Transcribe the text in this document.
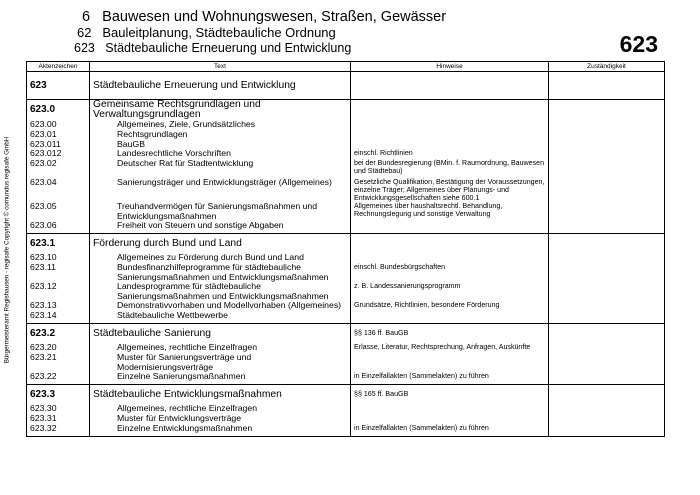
Bürgermeisteramt Regishausen - regisafe Copyright © comundus regisafe GmbH
6 Bauwesen und Wohnungswesen, Straßen, Gewässer
62 Bauleitplanung, Städtebauliche Ordnung
623 Städtebauliche Erneuerung und Entwicklung	623
Aktenzeichen	Text	Hinweise	Zuständigkeit
623	Städtebauliche Erneuerung und Entwicklung		
623.0	Gemeinsame Rechtsgrundlagen und Verwaltungsgrundlagen		
623.00	Allgemeines, Ziele, Grundsätzliches		
623.01	Rechtsgrundlagen		
623.011	BauGB		
623.012	Landesrechtliche Vorschriften	einschl. Richtlinien	
623.02	Deutscher Rat für Stadtentwicklung	bei der Bundesregierung (BMin. f. Raumordnung, Bauwesen und Städtebau)	
623.04	Sanierungsträger und Entwicklungsträger (Allgemeines)	Gesetzliche Qualifikation, Bestätigung der Voraussetzungen, einzelne Träger; Allgemeines über Planungs- und Entwicklungsgesellschaften siehe 600.1	
623.05	Treuhandvermögen für Sanierungsmaßnahmen und Entwicklungsmaßnahmen	Allgemeines über haushaltsrechtl. Behandlung, Rechnungslegung und sonstige Verwaltung	
623.06	Freiheit von Steuern und sonstige Abgaben		
623.1	Förderung durch Bund und Land		
623.10	Allgemeines zu Förderung durch Bund und Land		
623.11	Bundesfinanzhilfeprogramme für städtebauliche Sanierungsmaßnahmen und Entwicklungsmaßnahmen	einschl. Bundesbürgschaften	
623.12	Landesprogramme für städtebauliche Sanierungsmaßnahmen und Entwicklungsmaßnahmen	z. B. Landessanierungsprogramm	
623.13	Demonstrativvorhaben und Modellvorhaben (Allgemeines)	Grundsätze, Richtlinien, besondere Förderung	
623.14	Städtebauliche Wettbewerbe		
623.2	Städtebauliche Sanierung	§§ 136 ff. BauGB	
623.20	Allgemeines, rechtliche Einzelfragen	Erlasse, Literatur, Rechtsprechung, Anfragen, Auskünfte	
623.21	Muster für Sanierungsverträge und Modernisierungsverträge		
623.22	Einzelne Sanierungsmaßnahmen	in Einzelfallakten (Sammelakten) zu führen	
623.3	Städtebauliche Entwicklungsmaßnahmen	§§ 165 ff. BauGB	
623.30	Allgemeines, rechtliche Einzelfragen		
623.31	Muster für Entwicklungsverträge		
623.32	Einzelne Entwicklungsmaßnahmen	in Einzelfallakten (Sammelakten) zu führen	
